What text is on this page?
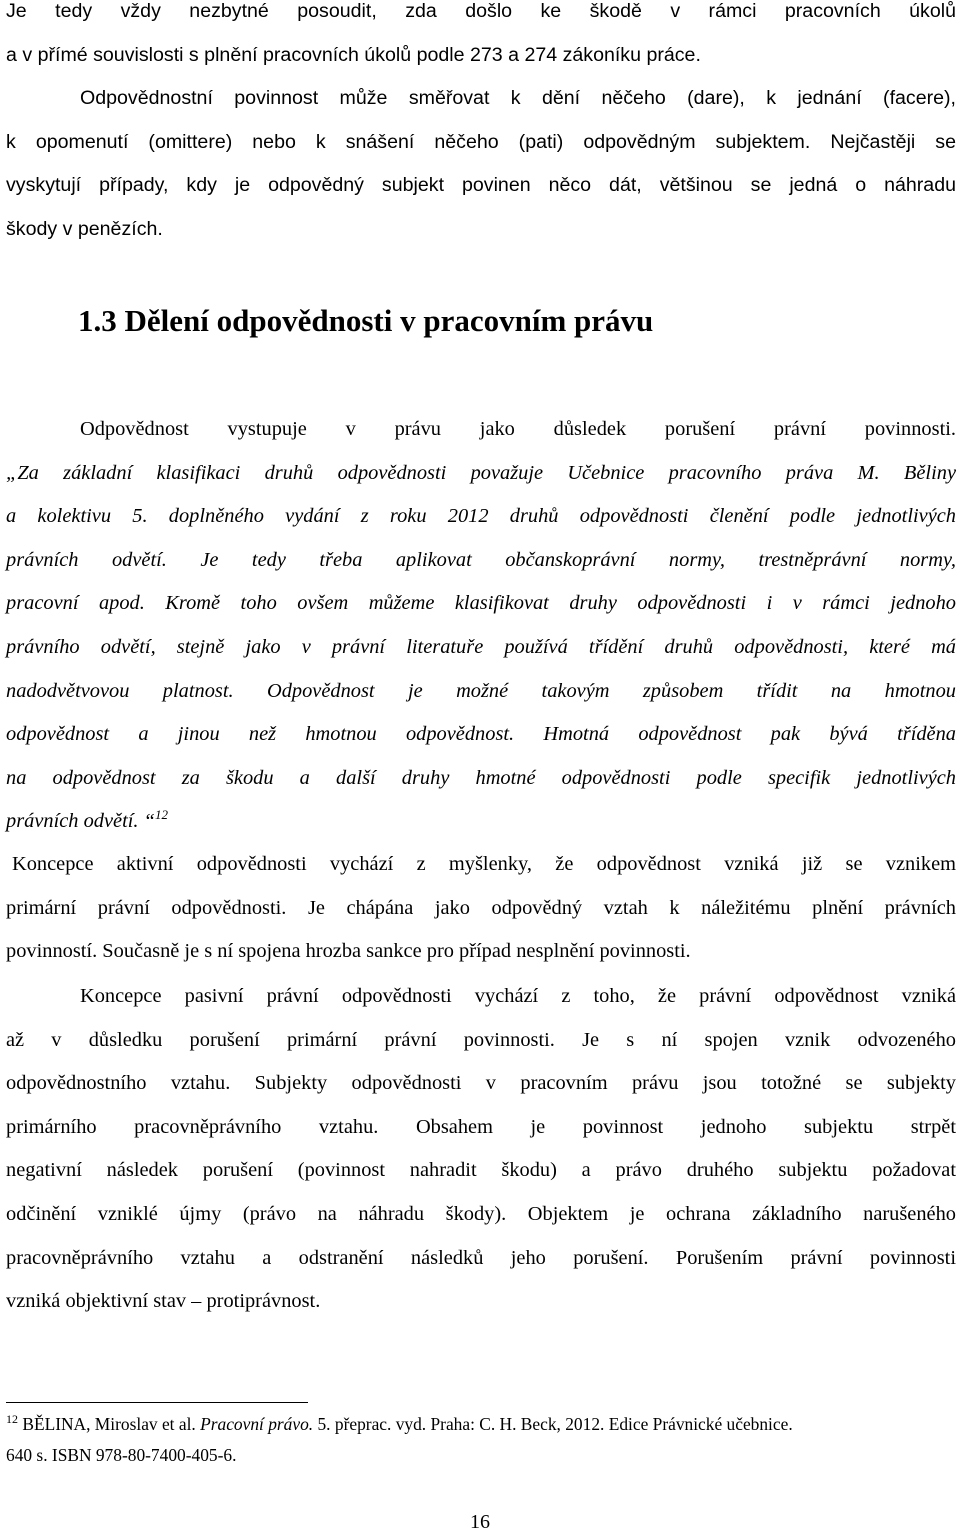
Je tedy vždy nezbytné posoudit, zda došlo ke škodě v rámci pracovních úkolů
a v přímé souvislosti s plnění pracovních úkolů podle 273 a 274 zákoníku práce.
Odpovědnostní povinnost může směřovat k dění něčeho (dare), k jednání (facere),
k opomenutí (omittere) nebo k snášení něčeho (pati) odpovědným subjektem. Nejčastěji se
vyskytují případy, kdy je odpovědný subjekt povinen něco dát, většinou se jedná o náhradu
škody v penězích.
1.3 Dělení odpovědnosti v pracovním právu
Odpovědnost vystupuje v právu jako důsledek porušení právní povinnosti.
„Za základní klasifikaci druhů odpovědnosti považuje Učebnice pracovního práva M. Běliny
a kolektivu 5. doplněného vydání z roku 2012 druhů odpovědnosti členění podle jednotlivých
právních odvětí. Je tedy třeba aplikovat občanskoprávní normy, trestněprávní normy,
pracovní apod. Kromě toho ovšem můžeme klasifikovat druhy odpovědnosti i v rámci jednoho
právního odvětí, stejně jako v právní literatuře používá třídění druhů odpovědnosti, které má
nadodvětvovou platnost. Odpovědnost je možné takovým způsobem třídit na hmotnou
odpovědnost a jinou než hmotnou odpovědnost. Hmotná odpovědnost pak bývá tříděna
na odpovědnost za škodu a další druhy hmotné odpovědnosti podle specifik jednotlivých
právních odvětí. “$^{12}$
Koncepce aktivní odpovědnosti vychází z myšlenky, že odpovědnost vzniká již se vznikem
primární právní odpovědnosti. Je chápána jako odpovědný vztah k náležitému plnění právních
povinností. Současně je s ní spojena hrozba sankce pro případ nesplnění povinnosti.
Koncepce pasivní právní odpovědnosti vychází z toho, že právní odpovědnost vzniká
až v důsledku porušení primární právní povinnosti. Je s ní spojen vznik odvozeného
odpovědnostního vztahu. Subjekty odpovědnosti v pracovním právu jsou totožné se subjekty
primárního pracovněprávního vztahu. Obsahem je povinnost jednoho subjektu strpět
negativní následek porušení (povinnost nahradit škodu) a právo druhého subjektu požadovat
odčinění vzniklé újmy (právo na náhradu škody). Objektem je ochrana základního narušeného
pracovněprávního vztahu a odstranění následků jeho porušení. Porušením právní povinnosti
vzniká objektivní stav – protiprávnost.
$^{12}$ BĚLINA, Miroslav et al. Pracovní právo. 5. přeprac. vyd. Praha: C. H. Beck, 2012. Edice Právnické učebnice.
640 s. ISBN 978-80-7400-405-6.
16
